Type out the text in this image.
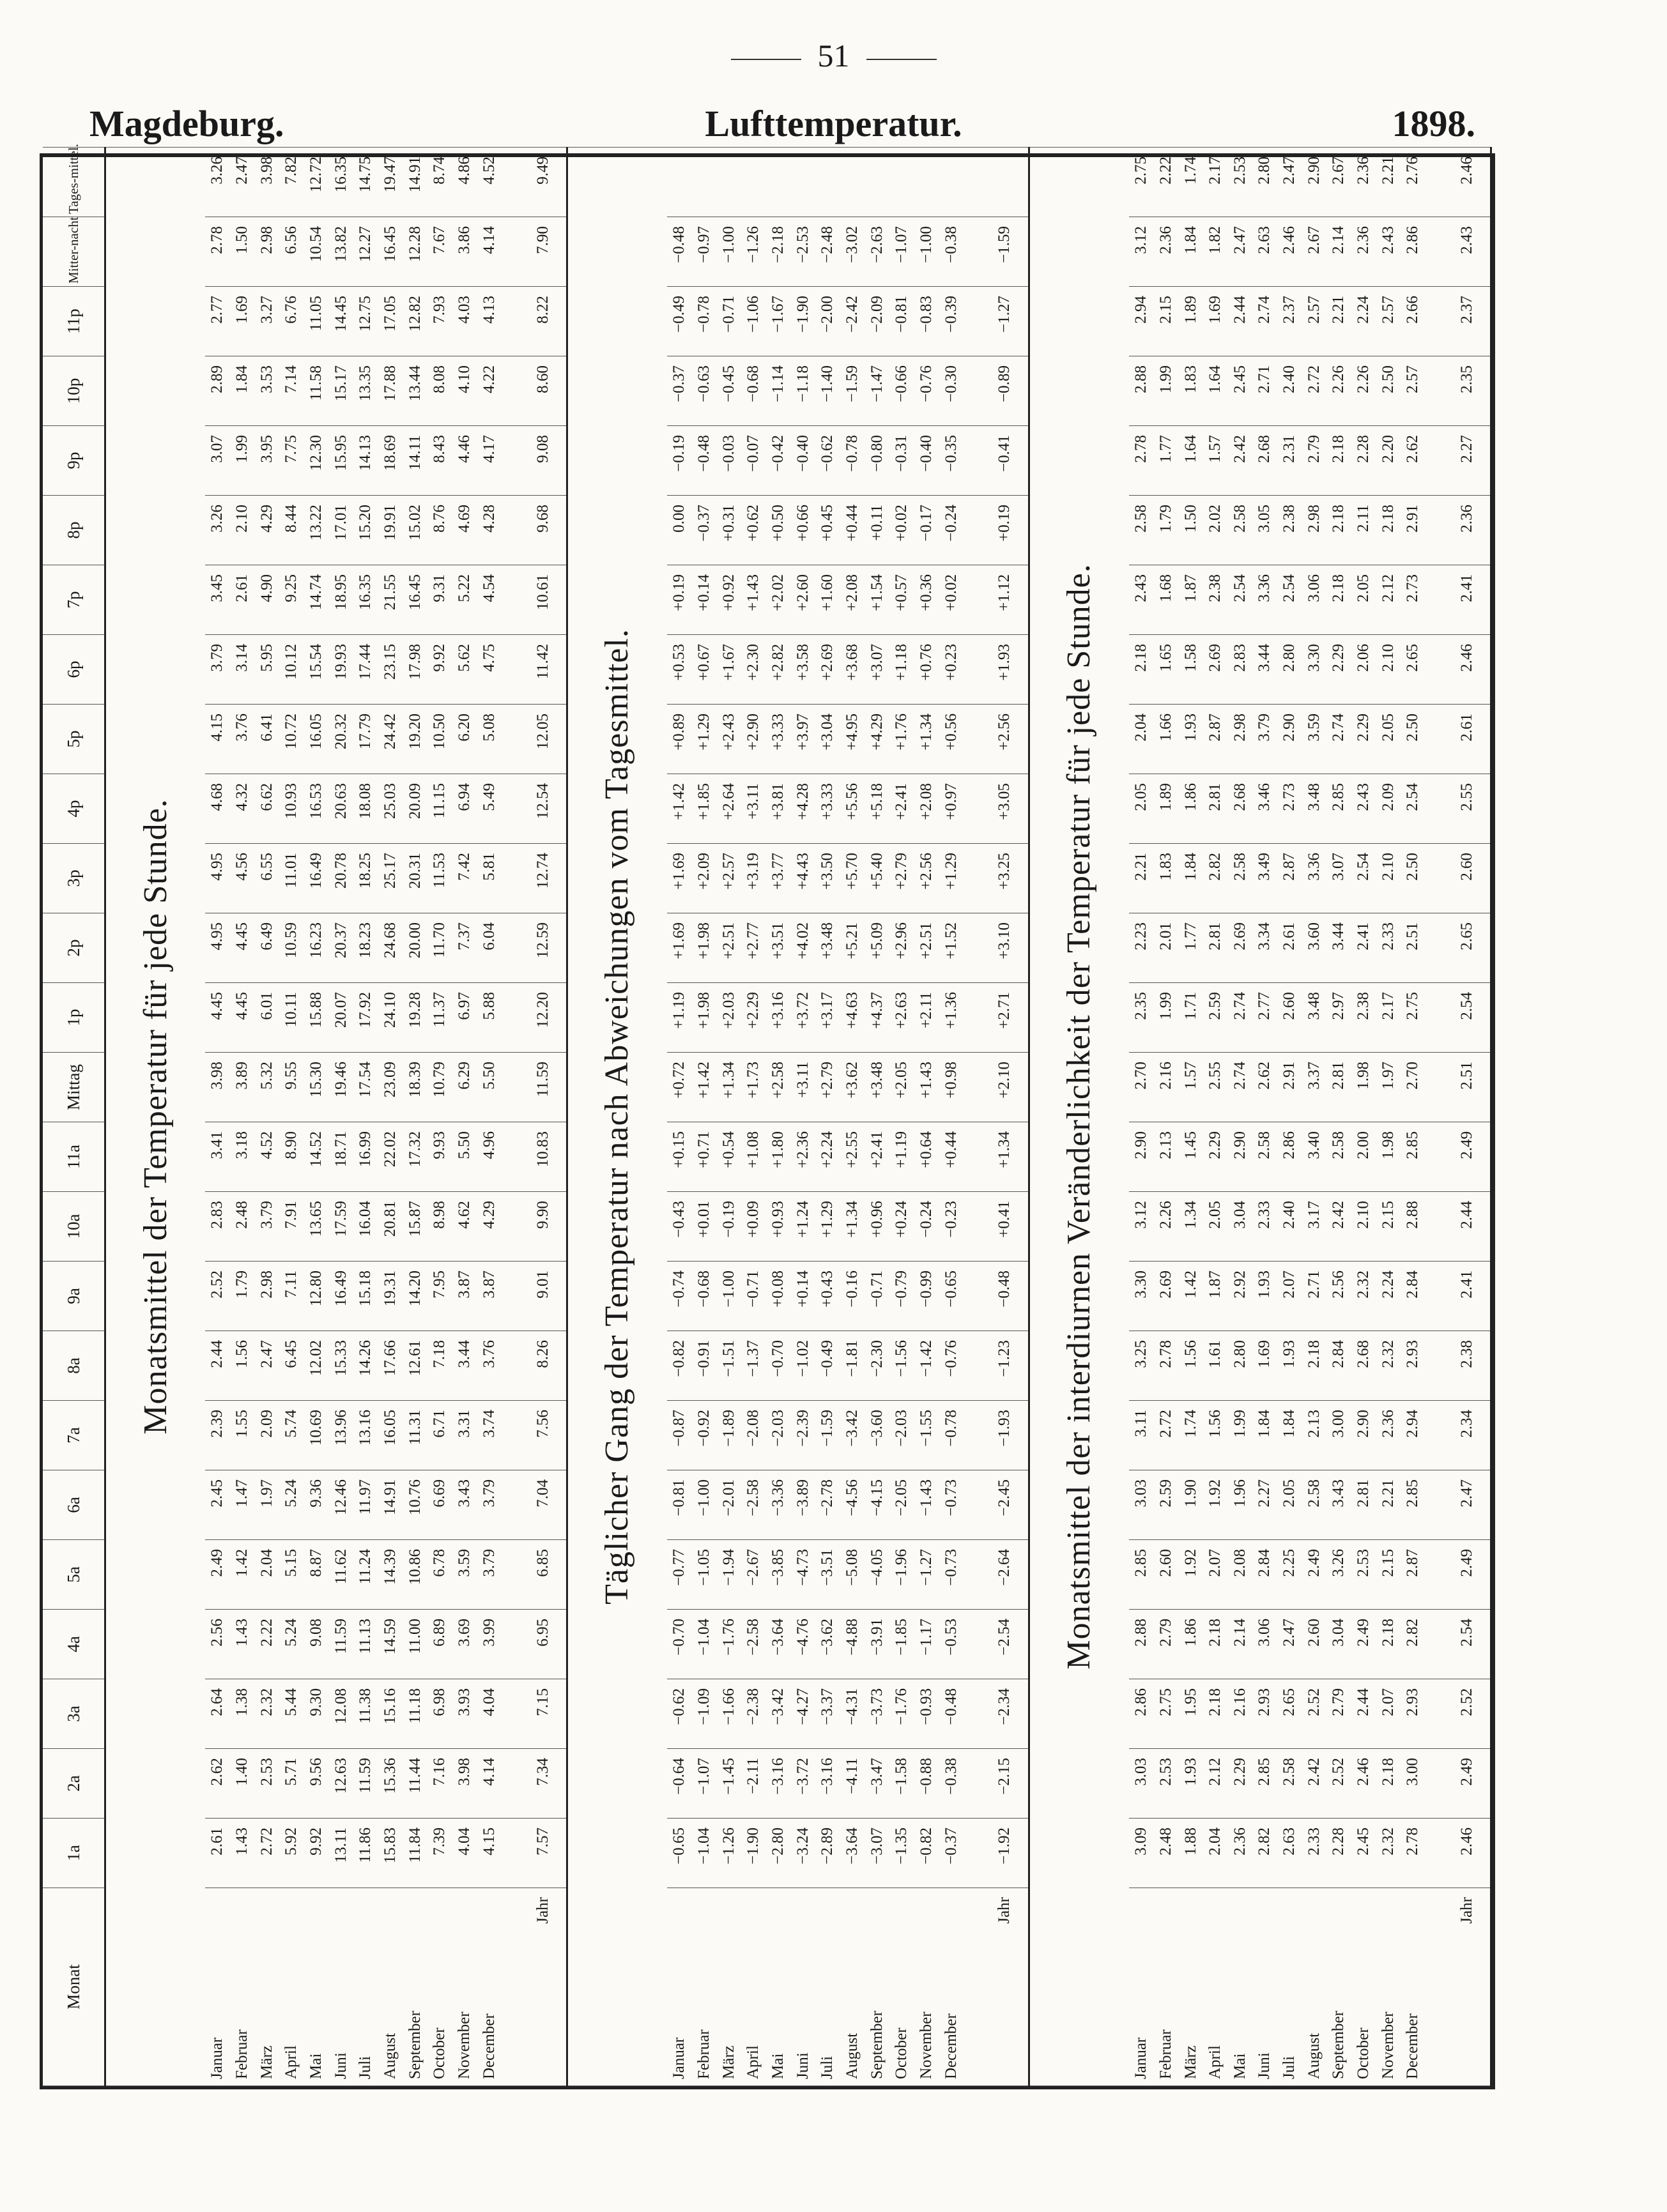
51
Magdeburg.	Lufttemperatur.	1898.
Monat	1a	2a	3a	4a	5a	6a	7a	8a	9a	10a	11a	Mittag	1p	2p	3p	4p	5p	6p	7p	8p	9p	10p	11p	Mitter-nacht	Tages-mittel.
Monatsmittel der Temperatur für jede Stunde.																									
Januar	2.61	2.62	2.64	2.56	2.49	2.45	2.39	2.44	2.52	2.83	3.41	3.98	4.45	4.95	4.95	4.68	4.15	3.79	3.45	3.26	3.07	2.89	2.77	2.78	3.26
Februar	1.43	1.40	1.38	1.43	1.42	1.47	1.55	1.56	1.79	2.48	3.18	3.89	4.45	4.45	4.56	4.32	3.76	3.14	2.61	2.10	1.99	1.84	1.69	1.50	2.47
März	2.72	2.53	2.32	2.22	2.04	1.97	2.09	2.47	2.98	3.79	4.52	5.32	6.01	6.49	6.55	6.62	6.41	5.95	4.90	4.29	3.95	3.53	3.27	2.98	3.98
April	5.92	5.71	5.44	5.24	5.15	5.24	5.74	6.45	7.11	7.91	8.90	9.55	10.11	10.59	11.01	10.93	10.72	10.12	9.25	8.44	7.75	7.14	6.76	6.56	7.82
Mai	9.92	9.56	9.30	9.08	8.87	9.36	10.69	12.02	12.80	13.65	14.52	15.30	15.88	16.23	16.49	16.53	16.05	15.54	14.74	13.22	12.30	11.58	11.05	10.54	12.72
Juni	13.11	12.63	12.08	11.59	11.62	12.46	13.96	15.33	16.49	17.59	18.71	19.46	20.07	20.37	20.78	20.63	20.32	19.93	18.95	17.01	15.95	15.17	14.45	13.82	16.35
Juli	11.86	11.59	11.38	11.13	11.24	11.97	13.16	14.26	15.18	16.04	16.99	17.54	17.92	18.23	18.25	18.08	17.79	17.44	16.35	15.20	14.13	13.35	12.75	12.27	14.75
August	15.83	15.36	15.16	14.59	14.39	14.91	16.05	17.66	19.31	20.81	22.02	23.09	24.10	24.68	25.17	25.03	24.42	23.15	21.55	19.91	18.69	17.88	17.05	16.45	19.47
September	11.84	11.44	11.18	11.00	10.86	10.76	11.31	12.61	14.20	15.87	17.32	18.39	19.28	20.00	20.31	20.09	19.20	17.98	16.45	15.02	14.11	13.44	12.82	12.28	14.91
October	7.39	7.16	6.98	6.89	6.78	6.69	6.71	7.18	7.95	8.98	9.93	10.79	11.37	11.70	11.53	11.15	10.50	9.92	9.31	8.76	8.43	8.08	7.93	7.67	8.74
November	4.04	3.98	3.93	3.69	3.59	3.43	3.31	3.44	3.87	4.62	5.50	6.29	6.97	7.37	7.42	6.94	6.20	5.62	5.22	4.69	4.46	4.10	4.03	3.86	4.86
December	4.15	4.14	4.04	3.99	3.79	3.79	3.74	3.76	3.87	4.29	4.96	5.50	5.88	6.04	5.81	5.49	5.08	4.75	4.54	4.28	4.17	4.22	4.13	4.14	4.52

Jahr	7.57	7.34	7.15	6.95	6.85	7.04	7.56	8.26	9.01	9.90	10.83	11.59	12.20	12.59	12.74	12.54	12.05	11.42	10.61	9.68	9.08	8.60	8.22	7.90	9.49
Täglicher Gang der Temperatur nach Abweichungen vom Tagesmittel.																									
Januar	−0.65	−0.64	−0.62	−0.70	−0.77	−0.81	−0.87	−0.82	−0.74	−0.43	+0.15	+0.72	+1.19	+1.69	+1.69	+1.42	+0.89	+0.53	+0.19	0.00	−0.19	−0.37	−0.49	−0.48	
Februar	−1.04	−1.07	−1.09	−1.04	−1.05	−1.00	−0.92	−0.91	−0.68	+0.01	+0.71	+1.42	+1.98	+1.98	+2.09	+1.85	+1.29	+0.67	+0.14	−0.37	−0.48	−0.63	−0.78	−0.97	
März	−1.26	−1.45	−1.66	−1.76	−1.94	−2.01	−1.89	−1.51	−1.00	−0.19	+0.54	+1.34	+2.03	+2.51	+2.57	+2.64	+2.43	+1.67	+0.92	+0.31	−0.03	−0.45	−0.71	−1.00	
April	−1.90	−2.11	−2.38	−2.58	−2.67	−2.58	−2.08	−1.37	−0.71	+0.09	+1.08	+1.73	+2.29	+2.77	+3.19	+3.11	+2.90	+2.30	+1.43	+0.62	−0.07	−0.68	−1.06	−1.26	
Mai	−2.80	−3.16	−3.42	−3.64	−3.85	−3.36	−2.03	−0.70	+0.08	+0.93	+1.80	+2.58	+3.16	+3.51	+3.77	+3.81	+3.33	+2.82	+2.02	+0.50	−0.42	−1.14	−1.67	−2.18	
Juni	−3.24	−3.72	−4.27	−4.76	−4.73	−3.89	−2.39	−1.02	+0.14	+1.24	+2.36	+3.11	+3.72	+4.02	+4.43	+4.28	+3.97	+3.58	+2.60	+0.66	−0.40	−1.18	−1.90	−2.53	
Juli	−2.89	−3.16	−3.37	−3.62	−3.51	−2.78	−1.59	−0.49	+0.43	+1.29	+2.24	+2.79	+3.17	+3.48	+3.50	+3.33	+3.04	+2.69	+1.60	+0.45	−0.62	−1.40	−2.00	−2.48	
August	−3.64	−4.11	−4.31	−4.88	−5.08	−4.56	−3.42	−1.81	−0.16	+1.34	+2.55	+3.62	+4.63	+5.21	+5.70	+5.56	+4.95	+3.68	+2.08	+0.44	−0.78	−1.59	−2.42	−3.02	
September	−3.07	−3.47	−3.73	−3.91	−4.05	−4.15	−3.60	−2.30	−0.71	+0.96	+2.41	+3.48	+4.37	+5.09	+5.40	+5.18	+4.29	+3.07	+1.54	+0.11	−0.80	−1.47	−2.09	−2.63	
October	−1.35	−1.58	−1.76	−1.85	−1.96	−2.05	−2.03	−1.56	−0.79	+0.24	+1.19	+2.05	+2.63	+2.96	+2.79	+2.41	+1.76	+1.18	+0.57	+0.02	−0.31	−0.66	−0.81	−1.07	
November	−0.82	−0.88	−0.93	−1.17	−1.27	−1.43	−1.55	−1.42	−0.99	−0.24	+0.64	+1.43	+2.11	+2.51	+2.56	+2.08	+1.34	+0.76	+0.36	−0.17	−0.40	−0.76	−0.83	−1.00	
December	−0.37	−0.38	−0.48	−0.53	−0.73	−0.73	−0.78	−0.76	−0.65	−0.23	+0.44	+0.98	+1.36	+1.52	+1.29	+0.97	+0.56	+0.23	+0.02	−0.24	−0.35	−0.30	−0.39	−0.38	

Jahr	−1.92	−2.15	−2.34	−2.54	−2.64	−2.45	−1.93	−1.23	−0.48	+0.41	+1.34	+2.10	+2.71	+3.10	+3.25	+3.05	+2.56	+1.93	+1.12	+0.19	−0.41	−0.89	−1.27	−1.59	
Monatsmittel der interdiurnen Veränderlichkeit der Temperatur für jede Stunde.																									
Januar	3.09	3.03	2.86	2.88	2.85	3.03	3.11	3.25	3.30	3.12	2.90	2.70	2.35	2.23	2.21	2.05	2.04	2.18	2.43	2.58	2.78	2.88	2.94	3.12	2.75
Februar	2.48	2.53	2.75	2.79	2.60	2.59	2.72	2.78	2.69	2.26	2.13	2.16	1.99	2.01	1.83	1.89	1.66	1.65	1.68	1.79	1.77	1.99	2.15	2.36	2.22
März	1.88	1.93	1.95	1.86	1.92	1.90	1.74	1.56	1.42	1.34	1.45	1.57	1.71	1.77	1.84	1.86	1.93	1.58	1.87	1.50	1.64	1.83	1.89	1.84	1.74
April	2.04	2.12	2.18	2.18	2.07	1.92	1.56	1.61	1.87	2.05	2.29	2.55	2.59	2.81	2.82	2.81	2.87	2.69	2.38	2.02	1.57	1.64	1.69	1.82	2.17
Mai	2.36	2.29	2.16	2.14	2.08	1.96	1.99	2.80	2.92	3.04	2.90	2.74	2.74	2.69	2.58	2.68	2.98	2.83	2.54	2.58	2.42	2.45	2.44	2.47	2.53
Juni	2.82	2.85	2.93	3.06	2.84	2.27	1.84	1.69	1.93	2.33	2.58	2.62	2.77	3.34	3.49	3.46	3.79	3.44	3.36	3.05	2.68	2.71	2.74	2.63	2.80
Juli	2.63	2.58	2.65	2.47	2.25	2.05	1.84	1.93	2.07	2.40	2.86	2.91	2.60	2.61	2.87	2.73	2.90	2.80	2.54	2.38	2.31	2.40	2.37	2.46	2.47
August	2.33	2.42	2.52	2.60	2.49	2.58	2.13	2.18	2.71	3.17	3.40	3.37	3.48	3.60	3.36	3.48	3.59	3.30	3.06	2.98	2.79	2.72	2.57	2.67	2.90
September	2.28	2.52	2.79	3.04	3.26	3.43	3.00	2.84	2.56	2.42	2.58	2.81	2.97	3.44	3.07	2.85	2.74	2.29	2.18	2.18	2.18	2.26	2.21	2.14	2.67
October	2.45	2.46	2.44	2.49	2.53	2.81	2.90	2.68	2.32	2.10	2.00	1.98	2.38	2.41	2.54	2.43	2.29	2.06	2.05	2.11	2.28	2.26	2.24	2.36	2.36
November	2.32	2.18	2.07	2.18	2.15	2.21	2.36	2.32	2.24	2.15	1.98	1.97	2.17	2.33	2.10	2.09	2.05	2.10	2.12	2.18	2.20	2.50	2.57	2.43	2.21
December	2.78	3.00	2.93	2.82	2.87	2.85	2.94	2.93	2.84	2.88	2.85	2.70	2.75	2.51	2.50	2.54	2.50	2.65	2.73	2.91	2.62	2.57	2.66	2.86	2.76

Jahr	2.46	2.49	2.52	2.54	2.49	2.47	2.34	2.38	2.41	2.44	2.49	2.51	2.54	2.65	2.60	2.55	2.61	2.46	2.41	2.36	2.27	2.35	2.37	2.43	2.46
